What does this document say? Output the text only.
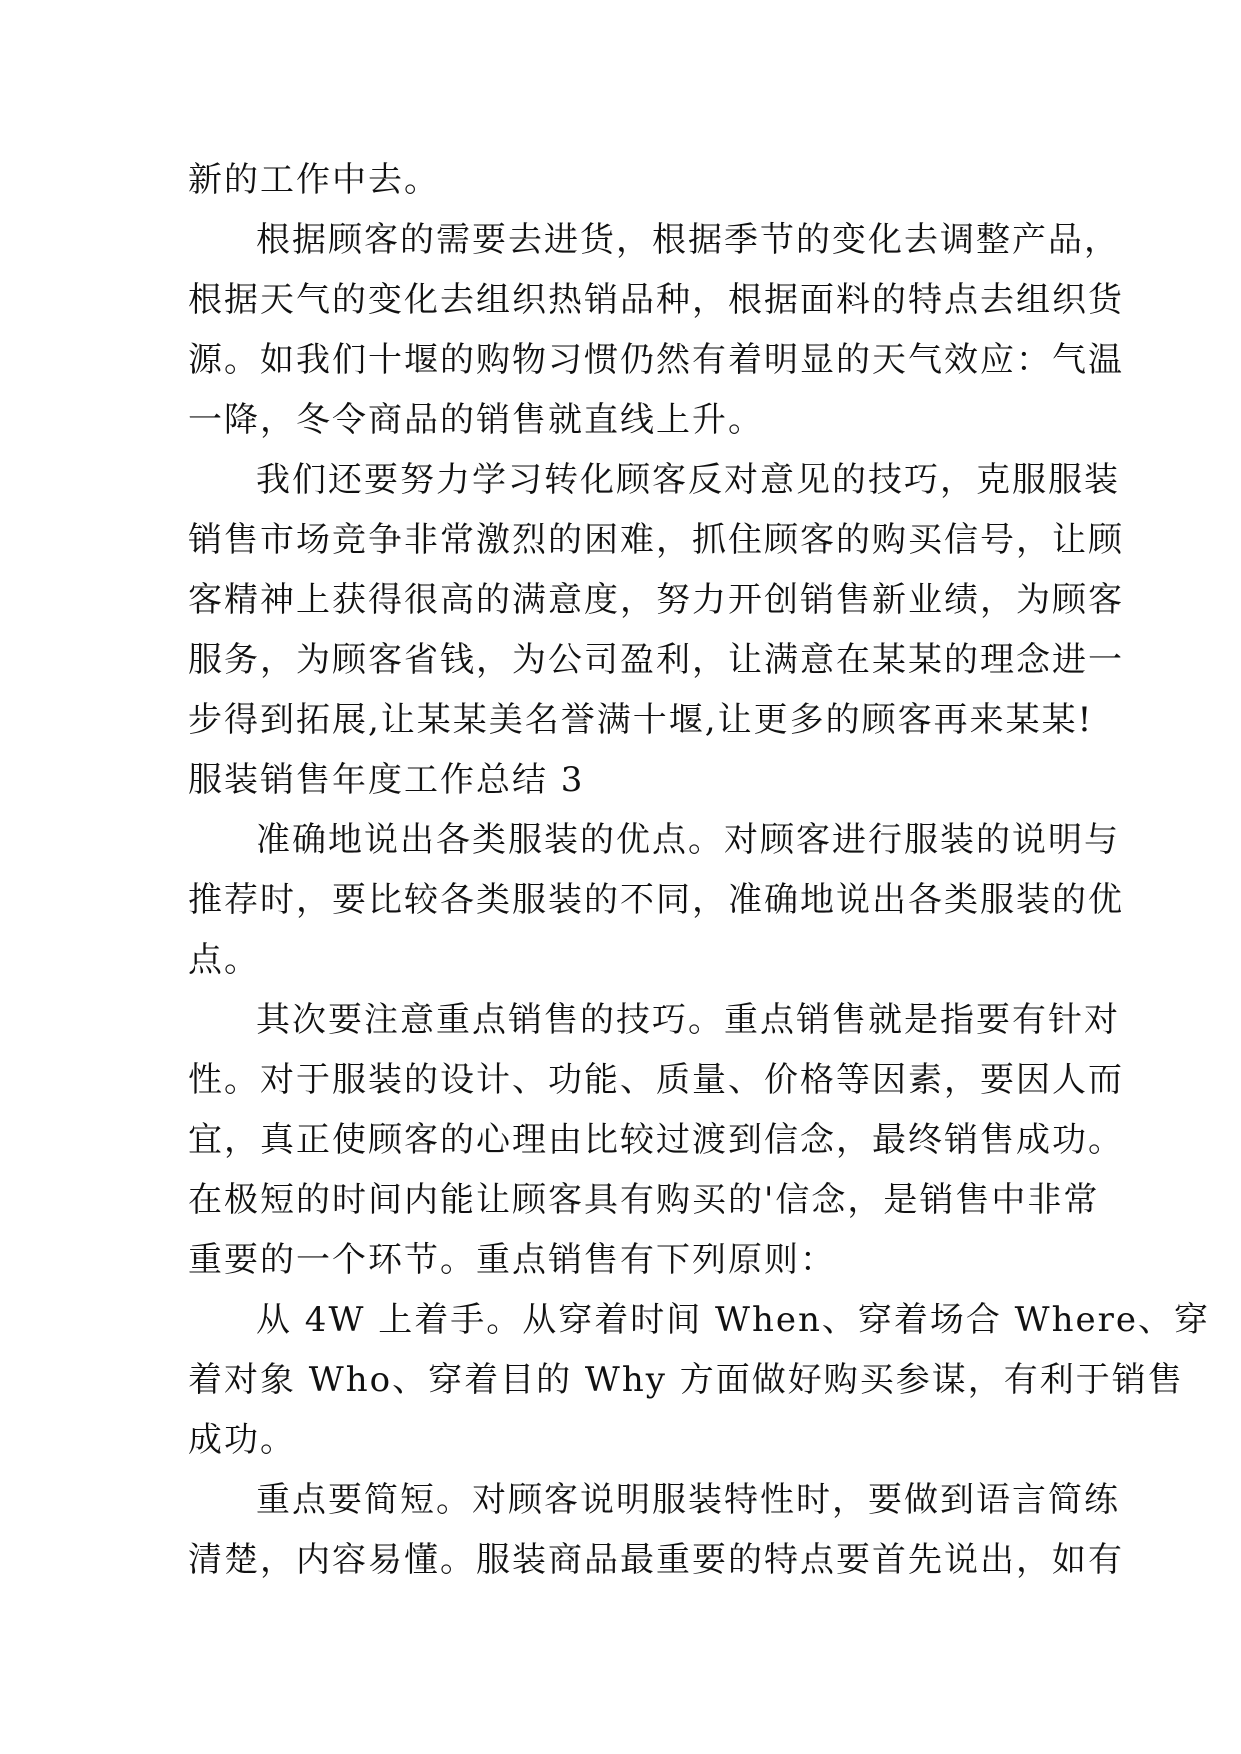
新的工作中去。
根据顾客的需要去进货，根据季节的变化去调整产品，
根据天气的变化去组织热销品种，根据面料的特点去组织货
源。如我们十堰的购物习惯仍然有着明显的天气效应：气温
一降，冬令商品的销售就直线上升。
我们还要努力学习转化顾客反对意见的技巧，克服服装
销售市场竞争非常激烈的困难，抓住顾客的购买信号，让顾
客精神上获得很高的满意度，努力开创销售新业绩，为顾客
服务，为顾客省钱，为公司盈利，让满意在某某的理念进一
步得到拓展,让某某美名誉满十堰,让更多的顾客再来某某!
服装销售年度工作总结 3
准确地说出各类服装的优点。对顾客进行服装的说明与
推荐时，要比较各类服装的不同，准确地说出各类服装的优
点。
其次要注意重点销售的技巧。重点销售就是指要有针对
性。对于服装的设计、功能、质量、价格等因素，要因人而
宜，真正使顾客的心理由比较过渡到信念，最终销售成功。
在极短的时间内能让顾客具有购买的'信念，是销售中非常
重要的一个环节。重点销售有下列原则：
从 4W 上着手。从穿着时间 When、穿着场合 Where、穿
着对象 Who、穿着目的 Why 方面做好购买参谋，有利于销售
成功。
重点要简短。对顾客说明服装特性时，要做到语言简练
清楚，内容易懂。服装商品最重要的特点要首先说出，如有
